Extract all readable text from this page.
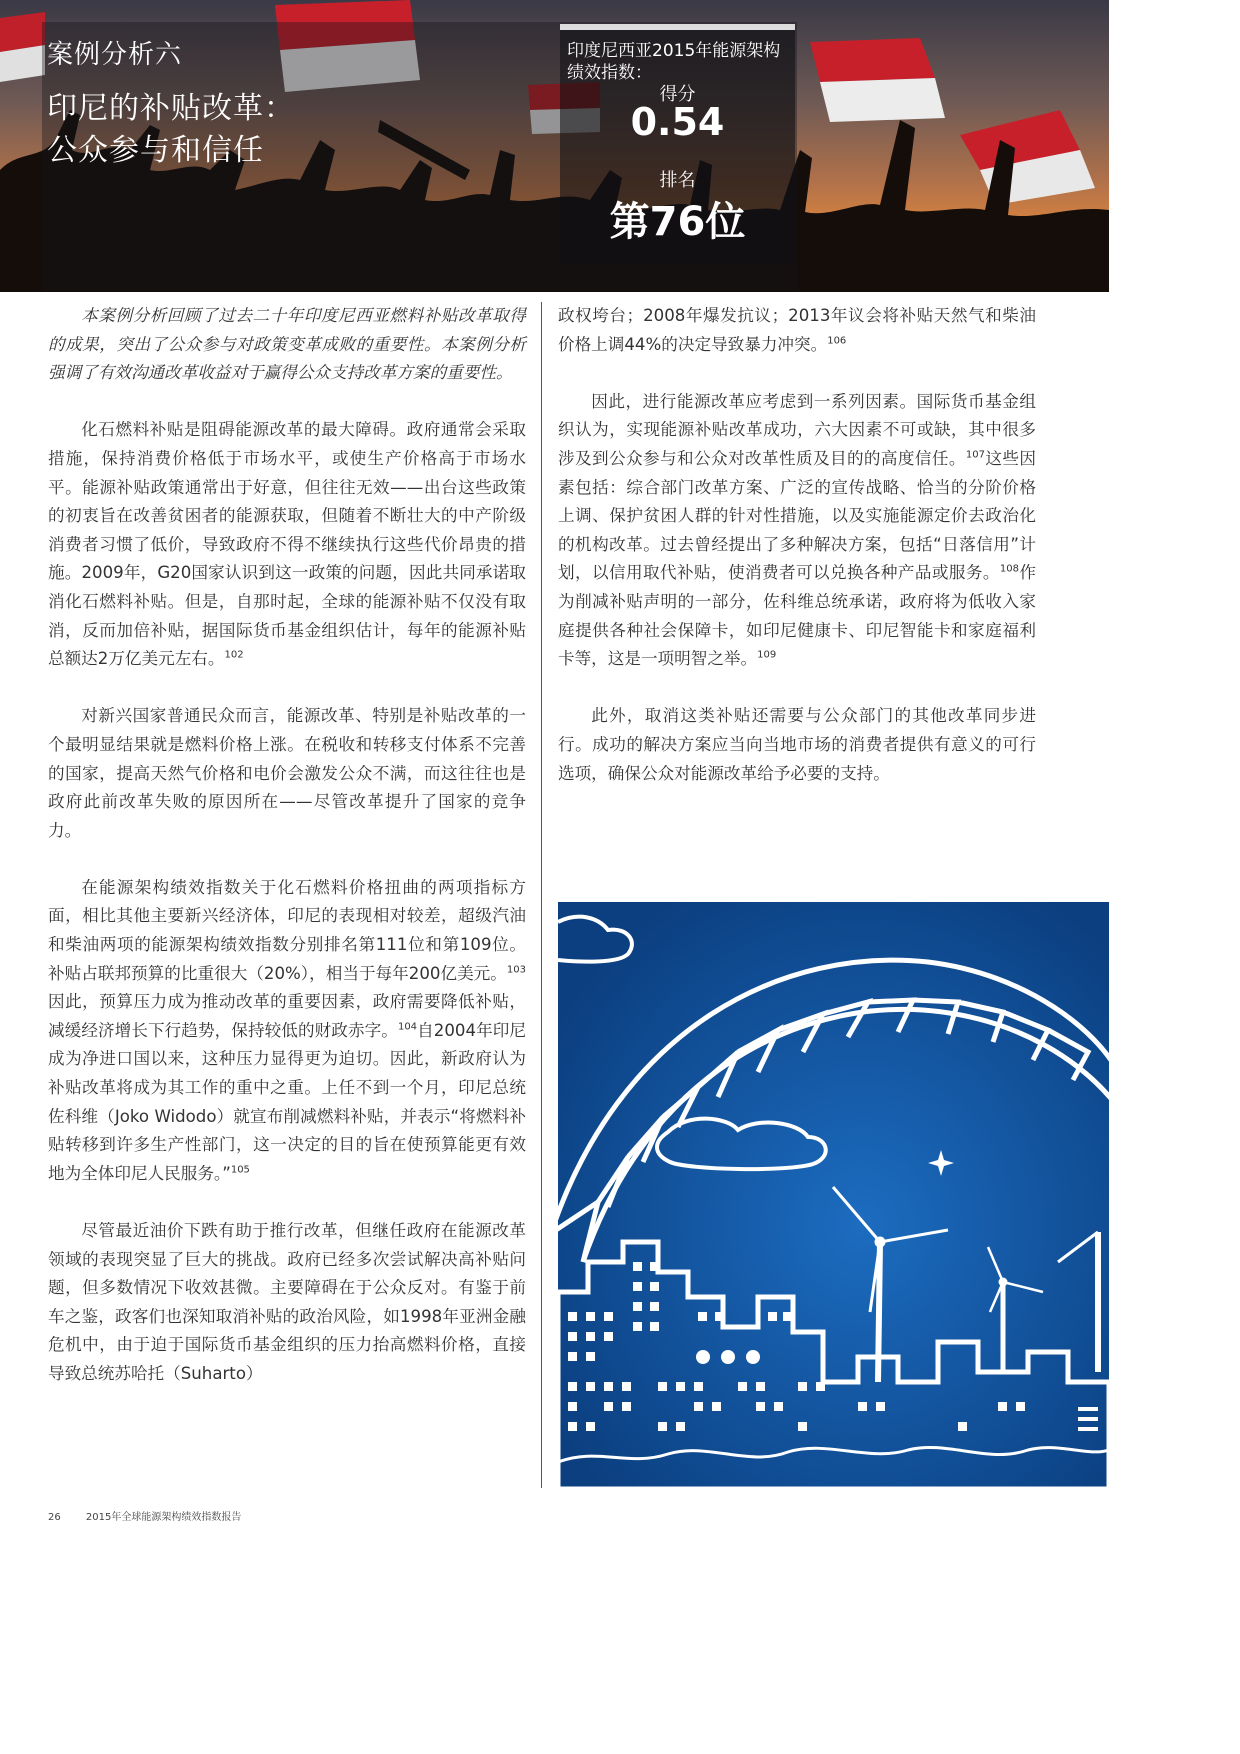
案例分析六
印尼的补贴改革：
公众参与和信任
印度尼西亚2015年能源架构绩效指数：
得分
0.54
排名
第76位

本案例分析回顾了过去二十年印度尼西亚燃料补贴改革取得的成果，突出了公众参与对政策变革成败的重要性。本案例分析强调了有效沟通改革收益对于赢得公众支持改革方案的重要性。

化石燃料补贴是阻碍能源改革的最大障碍。政府通常会采取措施，保持消费价格低于市场水平，或使生产价格高于市场水平。能源补贴政策通常出于好意，但往往无效——出台这些政策的初衷旨在改善贫困者的能源获取，但随着不断壮大的中产阶级消费者习惯了低价，导致政府不得不继续执行这些代价昂贵的措施。2009年，G20国家认识到这一政策的问题，因此共同承诺取消化石燃料补贴。但是，自那时起，全球的能源补贴不仅没有取消，反而加倍补贴，据国际货币基金组织估计，每年的能源补贴总额达2万亿美元左右。$^{102}$

对新兴国家普通民众而言，能源改革、特别是补贴改革的一个最明显结果就是燃料价格上涨。在税收和转移支付体系不完善的国家，提高天然气价格和电价会激发公众不满，而这往往也是政府此前改革失败的原因所在——尽管改革提升了国家的竞争力。

在能源架构绩效指数关于化石燃料价格扭曲的两项指标方面，相比其他主要新兴经济体，印尼的表现相对较差，超级汽油和柴油两项的能源架构绩效指数分别排名第111位和第109位。补贴占联邦预算的比重很大（20%），相当于每年200亿美元。$^{103}$ 因此，预算压力成为推动改革的重要因素，政府需要降低补贴，减缓经济增长下行趋势，保持较低的财政赤字。$^{104}$自2004年印尼成为净进口国以来，这种压力显得更为迫切。因此，新政府认为补贴改革将成为其工作的重中之重。上任不到一个月，印尼总统佐科维（Joko Widodo）就宣布削减燃料补贴，并表示“将燃料补贴转移到许多生产性部门，这一决定的目的旨在使预算能更有效地为全体印尼人民服务。”$^{105}$

尽管最近油价下跌有助于推行改革，但继任政府在能源改革领域的表现突显了巨大的挑战。政府已经多次尝试解决高补贴问题，但多数情况下收效甚微。主要障碍在于公众反对。有鉴于前车之鉴，政客们也深知取消补贴的政治风险，如1998年亚洲金融危机中，由于迫于国际货币基金组织的压力抬高燃料价格，直接导致总统苏哈托（Suharto）

政权垮台；2008年爆发抗议；2013年议会将补贴天然气和柴油价格上调44%的决定导致暴力冲突。$^{106}$

因此，进行能源改革应考虑到一系列因素。国际货币基金组织认为，实现能源补贴改革成功，六大因素不可或缺，其中很多涉及到公众参与和公众对改革性质及目的的高度信任。$^{107}$这些因素包括：综合部门改革方案、广泛的宣传战略、恰当的分阶价格上调、保护贫困人群的针对性措施，以及实施能源定价去政治化的机构改革。过去曾经提出了多种解决方案，包括“日落信用”计划，以信用取代补贴，使消费者可以兑换各种产品或服务。$^{108}$作为削减补贴声明的一部分，佐科维总统承诺，政府将为低收入家庭提供各种社会保障卡，如印尼健康卡、印尼智能卡和家庭福利卡等，这是一项明智之举。$^{109}$

此外，取消这类补贴还需要与公众部门的其他改革同步进行。成功的解决方案应当向当地市场的消费者提供有意义的可行选项，确保公众对能源改革给予必要的支持。

26	2015年全球能源架构绩效指数报告
